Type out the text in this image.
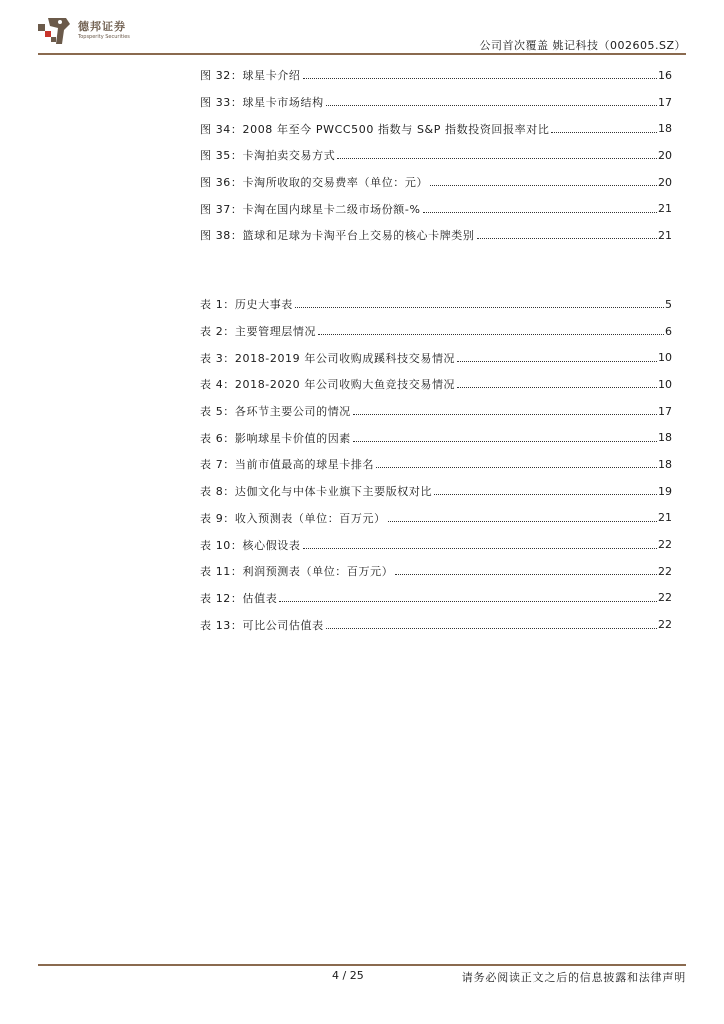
德邦证券
Topsperity Securities
公司首次覆盖 姚记科技（002605.SZ）
图 32：球星卡介绍	16
图 33：球星卡市场结构	17
图 34：2008 年至今 PWCC500 指数与 S&P 指数投资回报率对比	18
图 35：卡淘拍卖交易方式	20
图 36：卡淘所收取的交易费率（单位：元）	20
图 37：卡淘在国内球星卡二级市场份额-%	21
图 38：篮球和足球为卡淘平台上交易的核心卡牌类别	21
表 1：历史大事表	5
表 2：主要管理层情况	6
表 3：2018-2019 年公司收购成蹊科技交易情况	10
表 4：2018-2020 年公司收购大鱼竞技交易情况	10
表 5：各环节主要公司的情况	17
表 6：影响球星卡价值的因素	18
表 7：当前市值最高的球星卡排名	18
表 8：达伽文化与中体卡业旗下主要版权对比	19
表 9：收入预测表（单位：百万元）	21
表 10：核心假设表	22
表 11：利润预测表（单位：百万元）	22
表 12：估值表	22
表 13：可比公司估值表	22
4 / 25	请务必阅读正文之后的信息披露和法律声明
